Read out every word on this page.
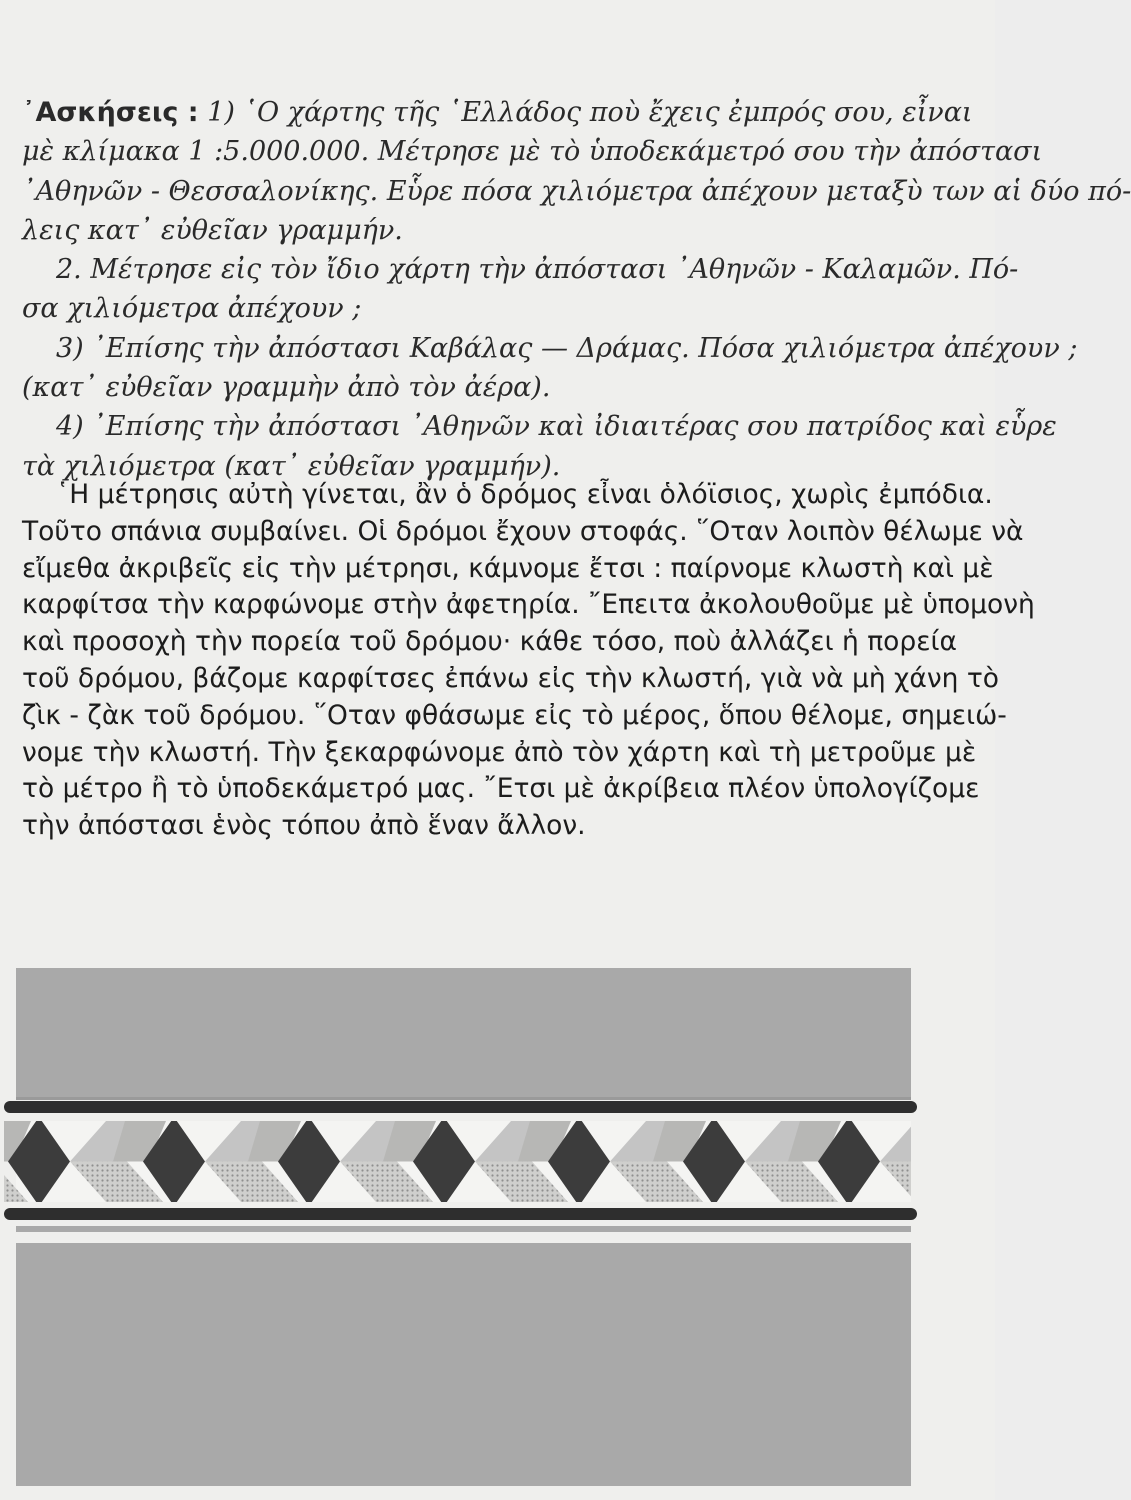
᾿Ασκήσεις : 1) ῾Ο χάρτης τῆς ῾Ελλάδος ποὺ ἔχεις ἐμπρός σου, εἶναι
μὲ κλίμακα 1 :5.000.000. Μέτρησε μὲ τὸ ὑποδεκάμετρό σου τὴν ἀπόστασι
᾿Αθηνῶν - Θεσσαλονίκης. Εὗρε πόσα χιλιόμετρα ἀπέχουν μεταξὺ των αἱ δύο πό-
λεις κατ᾿ εὐθεῖαν γραμμήν.
2. Μέτρησε εἰς τὸν ἴδιο χάρτη τὴν ἀπόστασι ᾿Αθηνῶν - Καλαμῶν. Πό-
σα χιλιόμετρα ἀπέχουν ;
3) ᾿Επίσης τὴν ἀπόστασι Καβάλας — Δράμας. Πόσα χιλιόμετρα ἀπέχουν ;
(κατ᾿ εὐθεῖαν γραμμὴν ἀπὸ τὸν ἀέρα).
4) ᾿Επίσης τὴν ἀπόστασι ᾿Αθηνῶν καὶ ἰδιαιτέρας σου πατρίδος καὶ εὗρε
τὰ χιλιόμετρα (κατ᾿ εὐθεῖαν γραμμήν).
῾Η μέτρησις αὐτὴ γίνεται, ἂν ὁ δρόμος εἶναι ὁλόϊσιος, χωρὶς ἐμπόδια.
Τοῦτο σπάνια συμβαίνει. Οἱ δρόμοι ἔχουν στοφάς. ῞Οταν λοιπὸν θέλωμε νὰ
εἴμεθα ἀκριβεῖς εἰς τὴν μέτρησι, κάμνομε ἔτσι : παίρνομε κλωστὴ καὶ μὲ
καρφίτσα τὴν καρφώνομε στὴν ἀφετηρία. ῎Επειτα ἀκολουθοῦμε μὲ ὑπομονὴ
καὶ προσοχὴ τὴν πορεία τοῦ δρόμου· κάθε τόσο, ποὺ ἀλλάζει ἡ πορεία
τοῦ δρόμου, βάζομε καρφίτσες ἐπάνω εἰς τὴν κλωστή, γιὰ νὰ μὴ χάνη τὸ
ζὶκ - ζὰκ τοῦ δρόμου. ῞Οταν φθάσωμε εἰς τὸ μέρος, ὅπου θέλομε, σημειώ-
νομε τὴν κλωστή. Τὴν ξεκαρφώνομε ἀπὸ τὸν χάρτη καὶ τὴ μετροῦμε μὲ
τὸ μέτρο ἢ τὸ ὑποδεκάμετρό μας. ῎Ετσι μὲ ἀκρίβεια πλέον ὑπολογίζομε
τὴν ἀπόστασι ἑνὸς τόπου ἀπὸ ἕναν ἄλλον.
